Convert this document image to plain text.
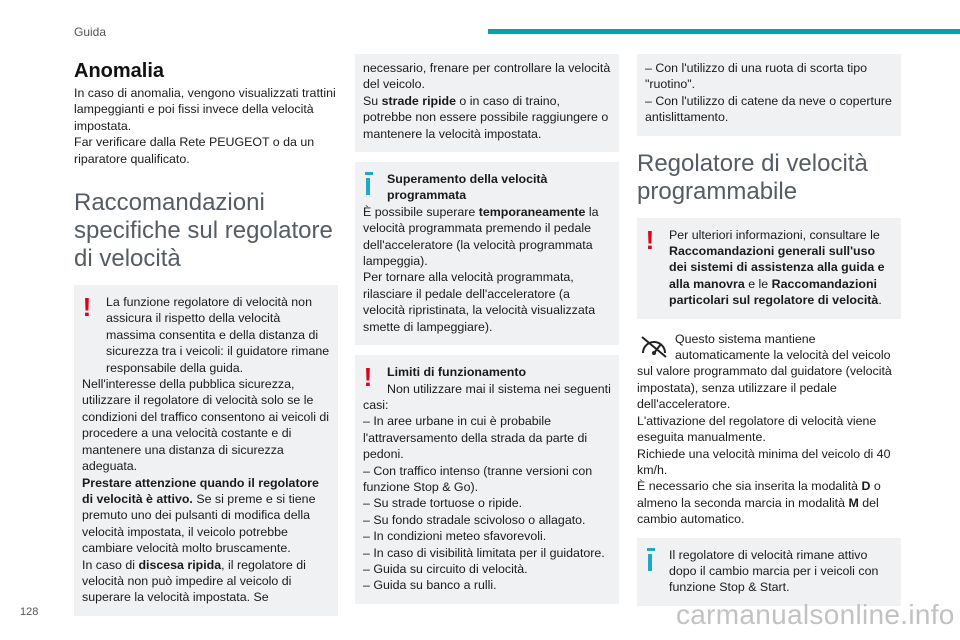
Guida
Anomalia

In caso di anomalia, vengono visualizzati trattini lampeggianti e poi fissi invece della velocità impostata.

Far verificare dalla Rete PEUGEOT o da un riparatore qualificato.

Raccomandazioni specifiche sul regolatore di velocità
!	La funzione regolatore di velocità non assicura il rispetto della velocità massima consentita e della distanza di sicurezza tra i veicoli: il guidatore rimane responsabile della guida.

Nell'interesse della pubblica sicurezza, utilizzare il regolatore di velocità solo se le condizioni del traffico consentono ai veicoli di procedere a una velocità costante e di mantenere una distanza di sicurezza adeguata.

Prestare attenzione quando il regolatore di velocità è attivo. Se si preme e si tiene premuto uno dei pulsanti di modifica della velocità impostata, il veicolo potrebbe cambiare velocità molto bruscamente.

In caso di discesa ripida, il regolatore di velocità non può impedire al veicolo di superare la velocità impostata. Se

necessario, frenare per controllare la velocità del veicolo.

Su strade ripide o in caso di traino, potrebbe non essere possibile raggiungere o mantenere la velocità impostata.

Superamento della velocità programmata

È possibile superare temporaneamente la velocità programmata premendo il pedale dell'acceleratore (la velocità programmata lampeggia).

Per tornare alla velocità programmata, rilasciare il pedale dell'acceleratore (a velocità ripristinata, la velocità visualizzata smette di lampeggiare).

!	Limiti di funzionamento

Non utilizzare mai il sistema nei seguenti

casi:

– In aree urbane in cui è probabile l'attraversamento della strada da parte di pedoni.
– Con traffico intenso (tranne versioni con funzione Stop & Go).
– Su strade tortuose o ripide.
– Su fondo stradale scivoloso o allagato.
– In condizioni meteo sfavorevoli.
– In caso di visibilità limitata per il guidatore.
– Guida su circuito di velocità.
– Guida su banco a rulli.

– Con l'utilizzo di una ruota di scorta tipo "ruotino".
– Con l'utilizzo di catene da neve o coperture antislittamento.

Regolatore di velocità programmabile
!	Per ulteriori informazioni, consultare le Raccomandazioni generali sull'uso dei sistemi di assistenza alla guida e alla manovra e le Raccomandazioni particolari sul regolatore di velocità.

Questo sistema mantiene automaticamente la velocità del veicolo

sul valore programmato dal guidatore (velocità impostata), senza utilizzare il pedale dell'acceleratore.

L'attivazione del regolatore di velocità viene eseguita manualmente.

Richiede una velocità minima del veicolo di 40 km/h.

È necessario che sia inserita la modalità D o almeno la seconda marcia in modalità M del cambio automatico.

Il regolatore di velocità rimane attivo dopo il cambio marcia per i veicoli con funzione Stop & Start.

128	carmanualsonline.info
